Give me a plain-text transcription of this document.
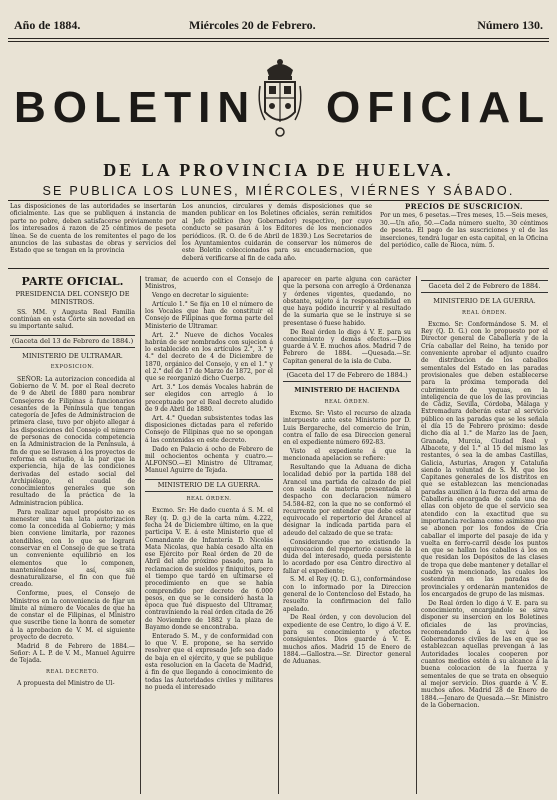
Año de 1884.	Miércoles 20 de Febrero.	Número 130.
BOLETIN OFICIAL
DE LA PROVINCIA DE HUELVA.
SE PUBLICA LOS LUNES, MIÉRCOLES, VIÉRNES Y SÁBADO.
Las disposiciones de las autoridades se insertarán oficialmente. Las que se publiquen á instancia de parte no pobre, deben satisfacerse préviamente por los interesados á razon de 25 céntimos de peseta línea. Se de cuenta de los remitentes el pago de los anuncios de las subastas de obras y servicios del Estado que se tengan en la provincia
Los anuncios, circulares y demás disposiciones que se manden publicar en los Boletines oficiales, serán remitidos al Jefe político (hoy Gobernador) respectivo, por cuyo conducto se pasarán á los Editores de los mencionados periódicos. (R. O. de 6 de Abril de 1839.) Los Secretarios de los Ayuntamientos cuidarán de conservar los números de este Boletin coleccionados para su encuadernacion, que deberá verificarse al fin de cada año.
PRECIOS DE SUSCRICION.
Por un mes, 6 pesetas.—Tres meses, 15.—Seis meses, 30.—Un año, 50.—Cada número suelto, 30 céntimos de peseta. El pago de las suscriciones y el de las inserciones, tendrá lugar en esta capital, en la Oficina del periódico, calle de Rioca, núm. 5.
PARTE OFICIAL.
PRESIDENCIA DEL CONSEJO DE MINISTROS.

SS. MM. y Augusta Real Familia continúan en esta Córte sin novedad en su importante salud.

(Gaceta del 13 de Febrero de 1884.)
MINISTERIO DE ULTRAMAR.
EXPOSICION.

SEÑOR: La autorizacion concedida al Gobierno de V. M. por el Real decreto de 9 de Abril de 1880 para nombrar Consejeros de Filipinas á funcionarios cesantes de la Península que tengan categoría de Jefes de Administracion de primera clase, tuvo por objeto allegar á las disposiciones del Consejo el número de personas de conocida competencia en la Administracion de la Península, á fin de que se llevasen á los proyectos de reforma en estudio, á la par que la experiencia, hija de las condiciones derivadas del estado social del Archipiélago, el caudal de conocimientos generales que son resultado de la práctica de la Administracion pública.

Para realizar aquel propósito no es menester una tan lata autorizacion como la concedida al Gobierno; y más bien conviene limitarla, por razones atendibles, con lo que se logrará conservar en el Consejo de que se trata un conveniente equilibrio en los elementos que lo componen, manteniéndose así, sin desnaturalizarse, el fin con que fué creado.

Conforme, pues, el Consejo de Ministros en la conveniencia de fijar un límite al número de Vocales de que ha de constar el de Filipinas, el Ministro que suscribe tiene la honra de someter á la aprobacion de V. M. el siguiente proyecto de decreto.

Madrid 8 de Febrero de 1884.—Señor: A L. P. de V. M., Manuel Aguirre de Tejada.

REAL DECRETO.

A propuesta del Ministro de Ul-

tramar, de acuerdo con el Consejo de Ministros,

Vengo en decretar lo siguiente:

Artículo 1.° Se fija en 10 el número de los Vocales que han de constituir el Consejo de Filipinas que forma parte del Ministerio de Ultramar.

Art. 2.° Nueve de dichos Vocales habrán de ser nombrados con sujecion á lo establecido en los artículos 2.°, 3.° y 4.° del decreto de 4 de Diciembre de 1870, orgánico del Consejo, y en el 1.° y el 2.° del de 17 de Marzo de 1872, por el que se reorganizó dicho Cuerpo.

Art. 3.° Los demás Vocales habrán de ser elegidos con arreglo á lo preceptuado por el Real decreto aludido de 9 de Abril de 1880.

Art. 4.° Quedan subsistentes todas las disposiciones dictadas para el referido Consejo de Filipinas que no se opongan á las contenidas en este decreto.

Dado en Palacio á ocho de Febrero de mil ochocientos ochenta y cuatro.—ALFONSO.—El Ministro de Ultramar, Manuel Aguirre de Tejada.

MINISTERIO DE LA GUERRA.
REAL ÓRDEN.

Excmo. Sr: He dado cuenta á S. M. el Rey (q. D. g.) de la carta núm. 4.222, fecha 24 de Diciembre último, en la que participa V. E. á este Ministerio que el Comandante de Infantería D. Nicolás Mata Nicolas, que había cesado alta en ese Ejército por Real órden de 20 de Abril del año próximo pasado, para la reclamacion de sueldos y finiquitos, pero el tiempo que tardó en ultimarse el procedimiento en que se había comprendido por decreto de 6.000 pesos, en que se le consideró hasta la época que fué dispuesto del Ultramar, contraviniendo la real órden citada de 26 de Noviembre de 1882 y la plaza de Bayamo donde se encontraba.

Enterado S. M., y de conformidad con lo que V. E. propone, se ha servido resolver que el expresado Jefe sea dado de baja en el ejército, y que se publique esta resolucion en la Gaceta de Madrid, á fin de que llegando á conocimiento de todas las Autoridades civiles y militares no pueda el interesado

aparecer en parte alguna con carácter que la persona con arreglo á Ordenanza y órdenes vigentes, quedando, no obstante, sujeto á la responsabilidad en que haya podido incurrir y al resultado de la sumaria que se le instruye si se presentase ó fuese habido.

De Real órden lo digo á V. E. para su conocimiento y demás efectos.—Dios guarde á V. E. muchos años. Madrid 7 de Febrero de 1884. —Quesada.—Sr. Capitan general de la isla de Cuba.

(Gaceta del 17 de Febrero de 1884.)
MINISTERIO DE HACIENDA
REAL ÓRDEN.

Excmo. Sr: Visto el recurso de alzada interpuesto ante este Ministerio por D. Luis Bergareche, del comercio de Irún, contra el fallo de esa Direccion general en el expediente número 692-83.

Visto el expediente á que la mencionada apelacion se refiere:

Resultando que la Aduana de dicha localidad debió por la partida 188 del Arancel una partida de calzado de piel con suela de materia presentada al despacho con declaracion número 54.584-82, con la que no se conformó el recurrente por entender que debe estar equivocado el repertorio del Arancel al designar la indicada partida para el adeudo del calzado de que se trata:

Considerando que no existiendo la equivocacion del repertorio causa de la duda del interesado, queda persistente lo acordado por esa Centro directivo al fallar el expediente;

S. M. el Rey (Q. D. G.), conformándose con lo informado por la Direccion general de lo Contencioso del Estado, ha resuelto la confirmacion del fallo apelado.

De Real órden, y con devolucion del expediente de ese Centro, lo digo á V. E. para su conocimiento y efectos consiguientes. Dios guarde á V. E. muchos años. Madrid 15 de Enero de 1884.—Gallostra.—Sr. Director general de Aduanas.

Gaceta del 2 de Febrero de 1884.
MINISTERIO DE LA GUERRA.
REAL ÓRDEN.

Excmo. Sr: Conformándose S. M. el Rey (Q. D. G.) con lo propuesto por el Director general de Caballería y de la Cría caballar del Reino, ha tenido por conveniente aprobar el adjunto cuadro de distribucion de los caballos sementales del Estado en las paradas provisionales que deben establecerse para la próxima temporada del cubrimiento de yeguas, en la inteligencia de que los de las provincias de Cádiz, Sevilla, Córdoba, Málaga y Extremadura deberán estar al servicio público en las paradas que se les señala el día 15 de Febrero próximo: desde dicho día al 1.° de Marzo las de Jaen, Granada, Murcia, Ciudad Real y Albacete, y del 1.° al 15 del mismo las restantes, ó sea la de ambas Castillas, Galicia, Asturias, Aragon y Cataluña siendo la voluntad de S. M. que los Capitanes generales de los distritos en que se establezcan las mencionadas paradas auxilien á la fuerza del arma de Caballería encargada de cada una de ellas con objeto de que el servicio sea atendido con la exactitud que su importancia reclama como asimismo que se abonen por los fondos de Cría caballar el importe del pasaje de ida y vuelta en ferro-carril desde los puntos en que se hallan los caballos á los en que residan los Depósitos de las clases de tropa que debe mantener y detallar el cuadro ya mencionado, las cuales los sostendrán en las paradas de provinciales y ordenarán mantenidos de los encargados de grupo de las mismas.

De Real órden lo digo á V. E. para su conocimiento, encargándole se sirva disponer su insercion en los Boletines oficiales de las provincias, recomendando á la vez á los Gobernadores civiles de las en que se establezcan aquellas prevengan á las Autoridades locales cooperen por cuantos medios estén á su alcance á la buena colocacion de la fuerza y sementales de que se trata en obsequio al mejor servicio. Dios guarde á V. E. muchos años. Madrid 28 de Enero de 1884.—Jenaro de Quesada.—Sr. Ministro de la Gobernacion.
